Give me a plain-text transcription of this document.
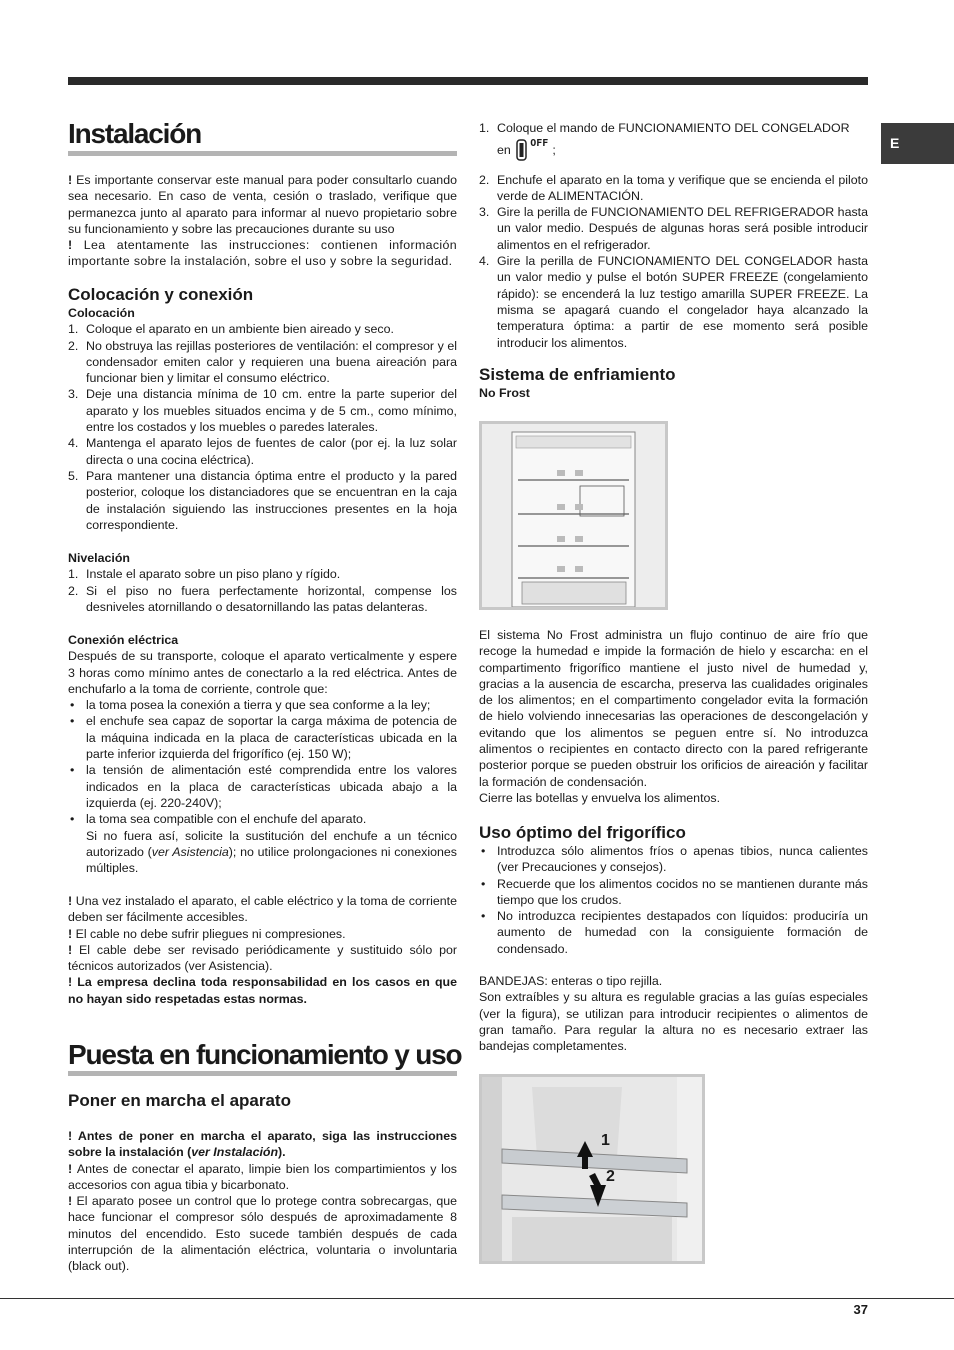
E
Instalación

! Es importante conservar este manual para poder consultarlo cuando sea necesario. En caso de venta, cesión o traslado, verifique que permanezca junto al aparato para informar al nuevo propietario sobre su funcionamiento y sobre las precauciones durante su uso

! Lea atentamente las instrucciones: contienen información importante sobre la instalación, sobre el uso y sobre la seguridad.

Colocación y conexión

Colocación

1. Coloque el aparato en un ambiente bien aireado y seco.
2. No obstruya las rejillas posteriores de ventilación: el compresor y el condensador emiten calor y requieren una buena aireación para funcionar bien y limitar el consumo eléctrico.
3. Deje una distancia mínima de 10 cm. entre la parte superior del aparato y los muebles situados encima y de 5 cm., como mínimo, entre los costados y los muebles o paredes laterales.
4. Mantenga el aparato lejos de fuentes de calor (por ej. la luz solar directa o una cocina eléctrica).
5. Para mantener una distancia óptima entre el producto y la pared posterior, coloque los distanciadores que se encuentran en la caja de instalación siguiendo las instrucciones presentes en la hoja correspondiente.

Nivelación

1. Instale el aparato sobre un piso plano y rígido.
2. Si el piso no fuera perfectamente horizontal, compense los desniveles atornillando o desatornillando las patas delanteras.

Conexión eléctrica

Después de su transporte, coloque el aparato verticalmente y espere 3 horas como mínimo antes de conectarlo a la red eléctrica. Antes de enchufarlo a la toma de corriente, controle que:

• la toma posea la conexión a tierra y que sea conforme a la ley;
• el enchufe sea capaz de soportar la carga máxima de potencia de la máquina indicada en la placa de características ubicada en la parte inferior izquierda del frigorífico (ej. 150 W);
• la tensión de alimentación esté comprendida entre los valores indicados en la placa de características ubicada abajo a la izquierda (ej. 220-240V);
• la toma sea compatible con el enchufe del aparato.

Si no fuera así, solicite la sustitución del enchufe a un técnico autorizado (ver Asistencia); no utilice prolongaciones ni conexiones múltiples.

! Una vez instalado el aparato, el cable eléctrico y la toma de corriente deben ser fácilmente accesibles.

! El cable no debe sufrir pliegues ni compresiones.

! El cable debe ser revisado periódicamente y sustituido sólo por técnicos autorizados (ver Asistencia).

! La empresa declina toda responsabilidad en los casos en que no hayan sido respetadas estas normas.

Puesta en funcionamiento y uso
Poner en marcha el aparato

! Antes de poner en marcha el aparato, siga las instrucciones sobre la instalación (ver Instalación).

! Antes de conectar el aparato, limpie bien los compartimientos y los accesorios con agua tibia y bicarbonato.

! El aparato posee un control que lo protege contra sobrecargas, que hace funcionar el compresor sólo después de aproximadamente 8 minutos del encendido. Esto sucede también después de cada interrupción de la alimentación eléctrica, voluntaria o involuntaria (black out).

1. Coloque el mando de FUNCIONAMIENTO DEL CONGELADOR
en $^{OFF}$ ;
2. Enchufe el aparato en la toma y verifique que se encienda el piloto verde de ALIMENTACIÓN.
3. Gire la perilla de FUNCIONAMIENTO DEL REFRIGERADOR hasta un valor medio. Después de algunas horas será posible introducir alimentos en el refrigerador.
4. Gire la perilla de FUNCIONAMIENTO DEL CONGELADOR hasta un valor medio y pulse el botón SUPER FREEZE (congelamiento rápido): se encenderá la luz testigo amarilla SUPER FREEZE. La misma se apagará cuando el congelador haya alcanzado la temperatura óptima: a partir de ese momento será posible introducir los alimentos.
Sistema de enfriamiento

No Frost

El sistema No Frost administra un flujo continuo de aire frío que recoge la humedad e impide la formación de hielo y escarcha: en el compartimento frigorífico mantiene el justo nivel de humedad y, gracias a la ausencia de escarcha, preserva las cualidades originales de los alimentos; en el compartimento congelador evita la formación de hielo volviendo innecesarias las operaciones de descongelación y evitando que los alimentos se peguen entre sí. No introduzca alimentos o recipientes en contacto directo con la pared refrigerante posterior porque se pueden obstruir los orificios de aireación y facilitar la formación de condensación.

Cierre las botellas y envuelva los alimentos.

Uso óptimo del frigorífico
• Introduzca sólo alimentos fríos o apenas tibios, nunca calientes (ver Precauciones y consejos).
• Recuerde que los alimentos cocidos no se mantienen durante más tiempo que los crudos.
• No introduzca recipientes destapados con líquidos: produciría un aumento de humedad con la consiguiente formación de condensado.

BANDEJAS: enteras o tipo rejilla.

Son extraíbles y su altura es regulable gracias a las guías especiales (ver la figura), se utilizan para introducir recipientes o alimentos de gran tamaño. Para regular la altura no es necesario extraer las bandejas completamentes.

1
2
37
